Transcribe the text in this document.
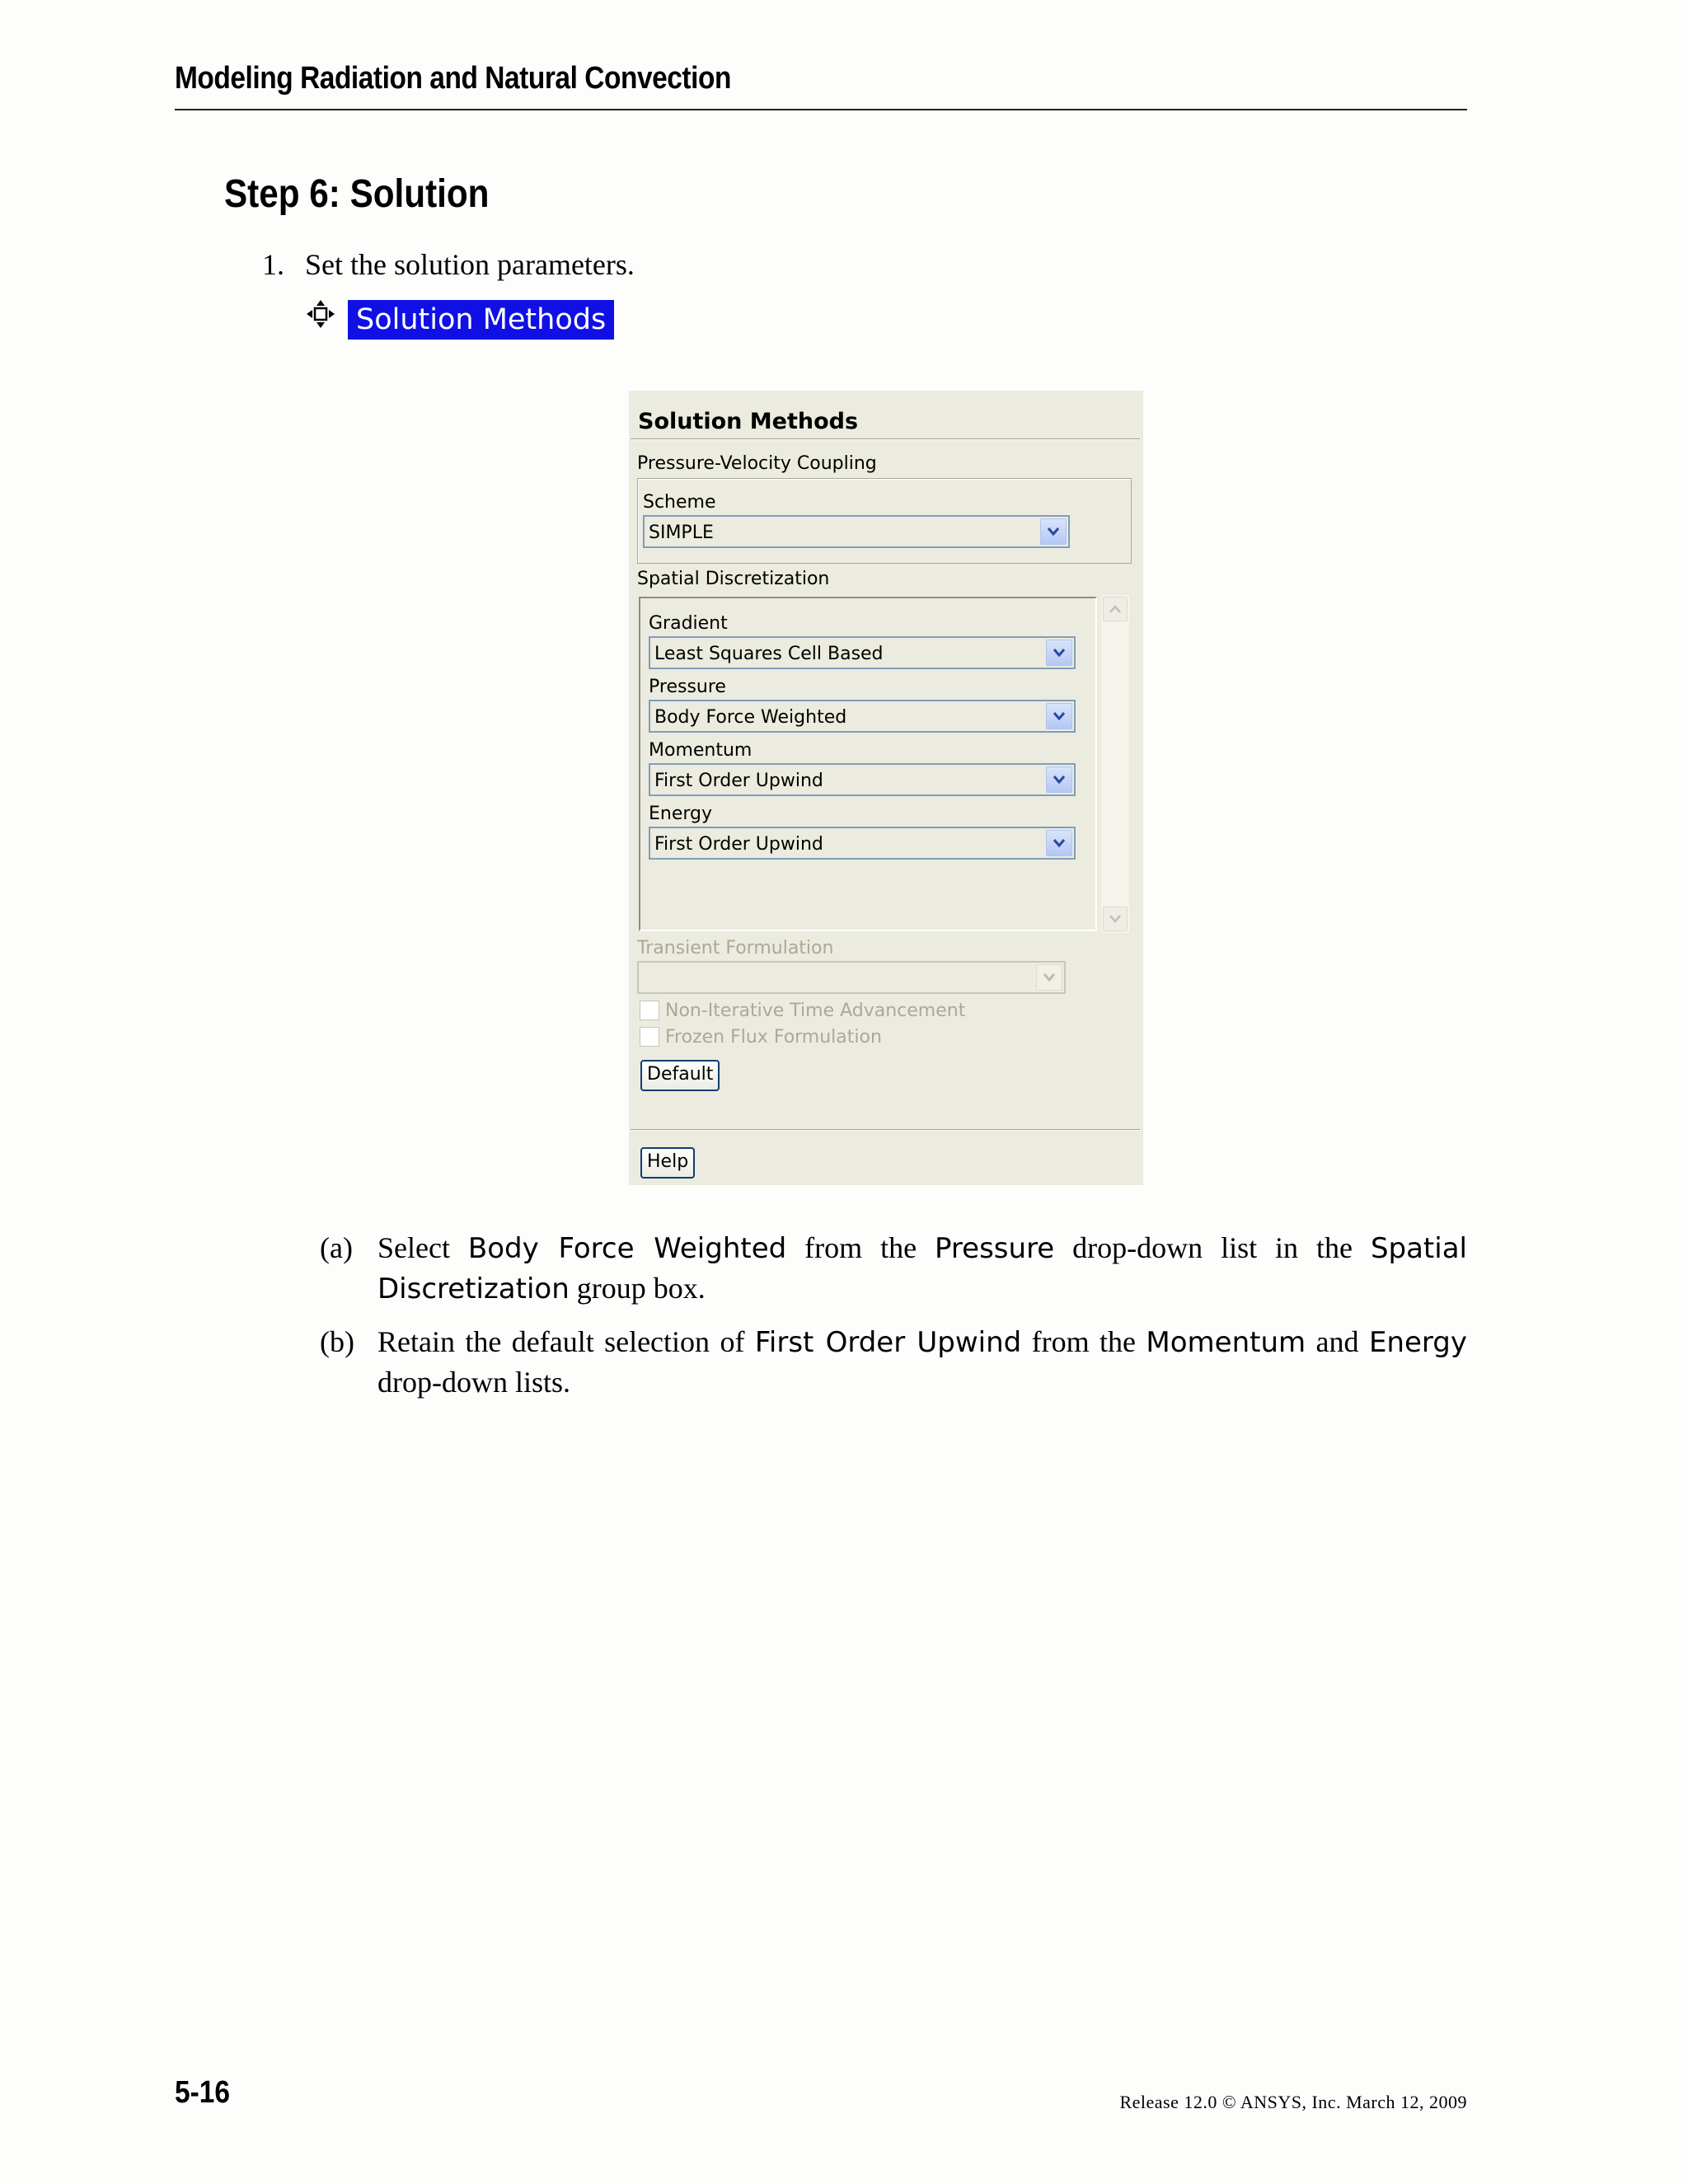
Modeling Radiation and Natural Convection
Step 6: Solution
1. Set the solution parameters.
Solution Methods
Solution Methods
Pressure-Velocity Coupling
Scheme
SIMPLE
Spatial Discretization
Gradient
Least Squares Cell Based
Pressure
Body Force Weighted
Momentum
First Order Upwind
Energy
First Order Upwind
Transient Formulation
Non-Iterative Time Advancement
Frozen Flux Formulation
Default
Help
(a) Select Body Force Weighted from the Pressure drop-down list in the Spatial Discretization group box.
(b) Retain the default selection of First Order Upwind from the Momentum and Energy drop-down lists.
5-16	Release 12.0 © ANSYS, Inc. March 12, 2009
